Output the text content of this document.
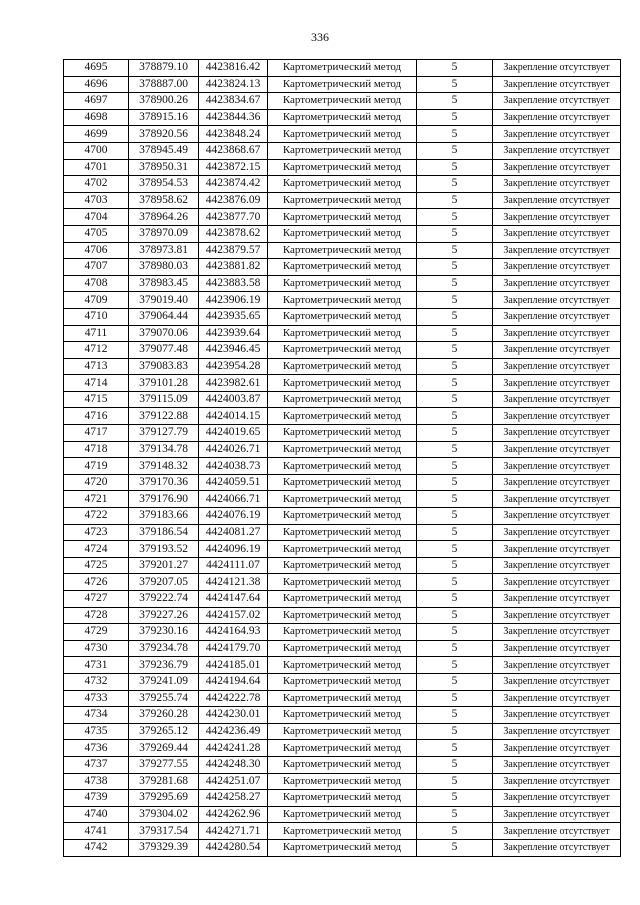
336
4695	378879.10	4423816.42	Картометрический метод	5	Закрепление отсутствует
4696	378887.00	4423824.13	Картометрический метод	5	Закрепление отсутствует
4697	378900.26	4423834.67	Картометрический метод	5	Закрепление отсутствует
4698	378915.16	4423844.36	Картометрический метод	5	Закрепление отсутствует
4699	378920.56	4423848.24	Картометрический метод	5	Закрепление отсутствует
4700	378945.49	4423868.67	Картометрический метод	5	Закрепление отсутствует
4701	378950.31	4423872.15	Картометрический метод	5	Закрепление отсутствует
4702	378954.53	4423874.42	Картометрический метод	5	Закрепление отсутствует
4703	378958.62	4423876.09	Картометрический метод	5	Закрепление отсутствует
4704	378964.26	4423877.70	Картометрический метод	5	Закрепление отсутствует
4705	378970.09	4423878.62	Картометрический метод	5	Закрепление отсутствует
4706	378973.81	4423879.57	Картометрический метод	5	Закрепление отсутствует
4707	378980.03	4423881.82	Картометрический метод	5	Закрепление отсутствует
4708	378983.45	4423883.58	Картометрический метод	5	Закрепление отсутствует
4709	379019.40	4423906.19	Картометрический метод	5	Закрепление отсутствует
4710	379064.44	4423935.65	Картометрический метод	5	Закрепление отсутствует
4711	379070.06	4423939.64	Картометрический метод	5	Закрепление отсутствует
4712	379077.48	4423946.45	Картометрический метод	5	Закрепление отсутствует
4713	379083.83	4423954.28	Картометрический метод	5	Закрепление отсутствует
4714	379101.28	4423982.61	Картометрический метод	5	Закрепление отсутствует
4715	379115.09	4424003.87	Картометрический метод	5	Закрепление отсутствует
4716	379122.88	4424014.15	Картометрический метод	5	Закрепление отсутствует
4717	379127.79	4424019.65	Картометрический метод	5	Закрепление отсутствует
4718	379134.78	4424026.71	Картометрический метод	5	Закрепление отсутствует
4719	379148.32	4424038.73	Картометрический метод	5	Закрепление отсутствует
4720	379170.36	4424059.51	Картометрический метод	5	Закрепление отсутствует
4721	379176.90	4424066.71	Картометрический метод	5	Закрепление отсутствует
4722	379183.66	4424076.19	Картометрический метод	5	Закрепление отсутствует
4723	379186.54	4424081.27	Картометрический метод	5	Закрепление отсутствует
4724	379193.52	4424096.19	Картометрический метод	5	Закрепление отсутствует
4725	379201.27	4424111.07	Картометрический метод	5	Закрепление отсутствует
4726	379207.05	4424121.38	Картометрический метод	5	Закрепление отсутствует
4727	379222.74	4424147.64	Картометрический метод	5	Закрепление отсутствует
4728	379227.26	4424157.02	Картометрический метод	5	Закрепление отсутствует
4729	379230.16	4424164.93	Картометрический метод	5	Закрепление отсутствует
4730	379234.78	4424179.70	Картометрический метод	5	Закрепление отсутствует
4731	379236.79	4424185.01	Картометрический метод	5	Закрепление отсутствует
4732	379241.09	4424194.64	Картометрический метод	5	Закрепление отсутствует
4733	379255.74	4424222.78	Картометрический метод	5	Закрепление отсутствует
4734	379260.28	4424230.01	Картометрический метод	5	Закрепление отсутствует
4735	379265.12	4424236.49	Картометрический метод	5	Закрепление отсутствует
4736	379269.44	4424241.28	Картометрический метод	5	Закрепление отсутствует
4737	379277.55	4424248.30	Картометрический метод	5	Закрепление отсутствует
4738	379281.68	4424251.07	Картометрический метод	5	Закрепление отсутствует
4739	379295.69	4424258.27	Картометрический метод	5	Закрепление отсутствует
4740	379304.02	4424262.96	Картометрический метод	5	Закрепление отсутствует
4741	379317.54	4424271.71	Картометрический метод	5	Закрепление отсутствует
4742	379329.39	4424280.54	Картометрический метод	5	Закрепление отсутствует
